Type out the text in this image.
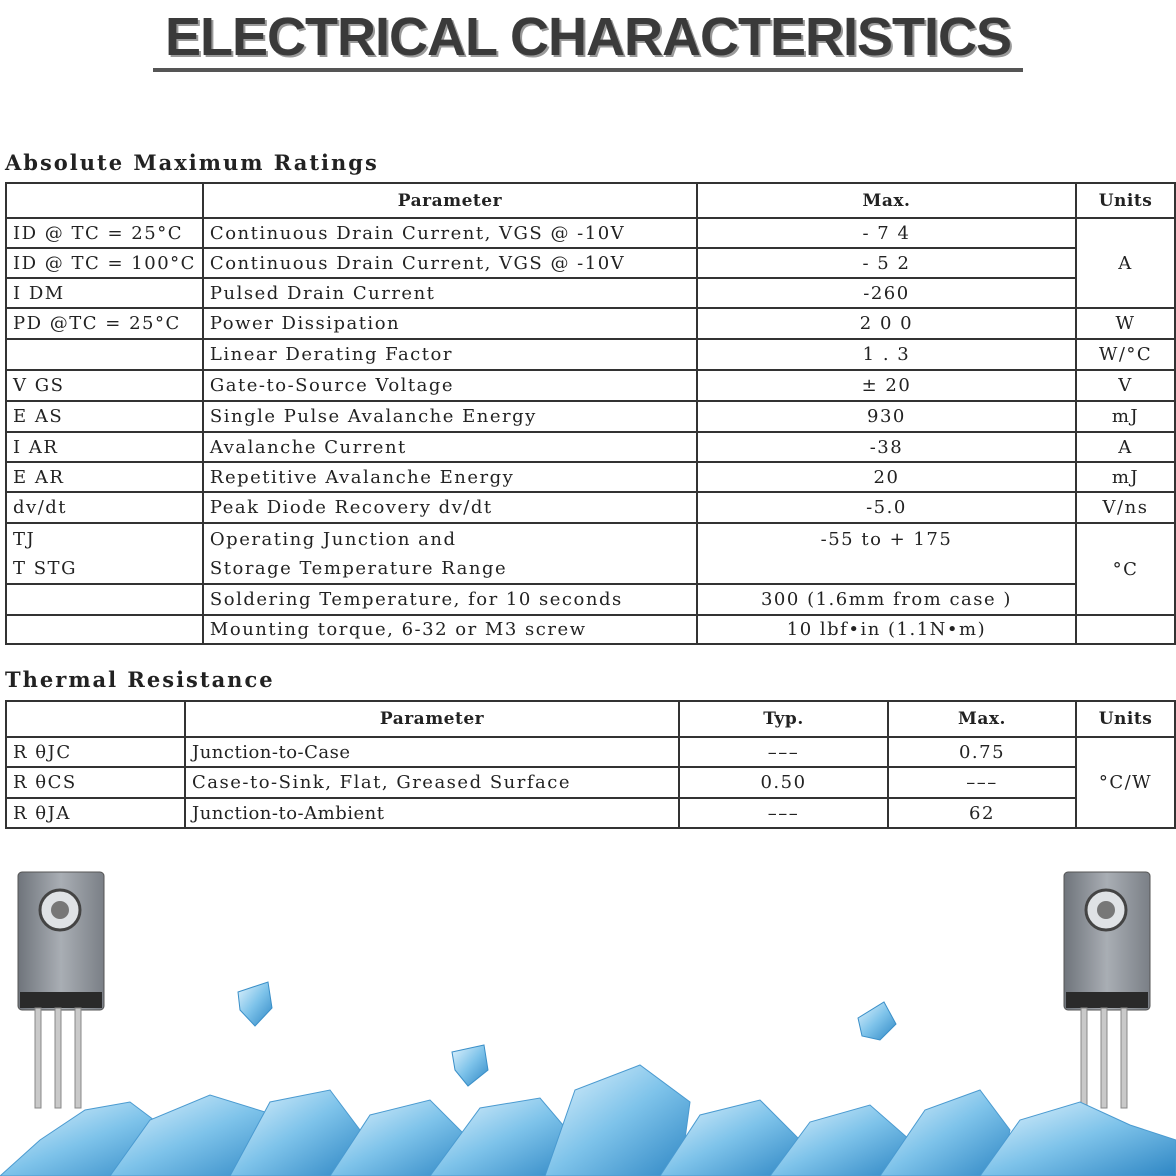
ELECTRICAL CHARACTERISTICS
Absolute Maximum Ratings
	Parameter	Max.	Units
ID @ TC = 25°C	Continuous Drain Current, VGS @ -10V	- 7 4	A
ID @ TC = 100°C	Continuous Drain Current, VGS @ -10V	- 5 2	
I DM	Pulsed Drain Current	-260	
PD @TC = 25°C	Power Dissipation	2 0 0	W
	Linear Derating Factor	1 . 3	W/°C
V GS	Gate-to-Source Voltage	± 20	V
E AS	Single Pulse Avalanche Energy	930	mJ
I AR	Avalanche Current	-38	A
E AR	Repetitive Avalanche Energy	20	mJ
dv/dt	Peak Diode Recovery dv/dt	-5.0	V/ns
TJ	Operating Junction and	-55 to + 175	°C
T STG	Storage Temperature Range		
	Soldering Temperature, for 10 seconds	300 (1.6mm from case )	
	Mounting torque, 6-32 or M3 screw	10 lbf•in (1.1N•m)	
Thermal Resistance
	Parameter	Typ.	Max.	Units
R θJC	Junction-to-Case	–––	0.75	°C/W
R θCS	Case-to-Sink, Flat, Greased Surface	0.50	–––	
R θJA	Junction-to-Ambient	–––	62	
